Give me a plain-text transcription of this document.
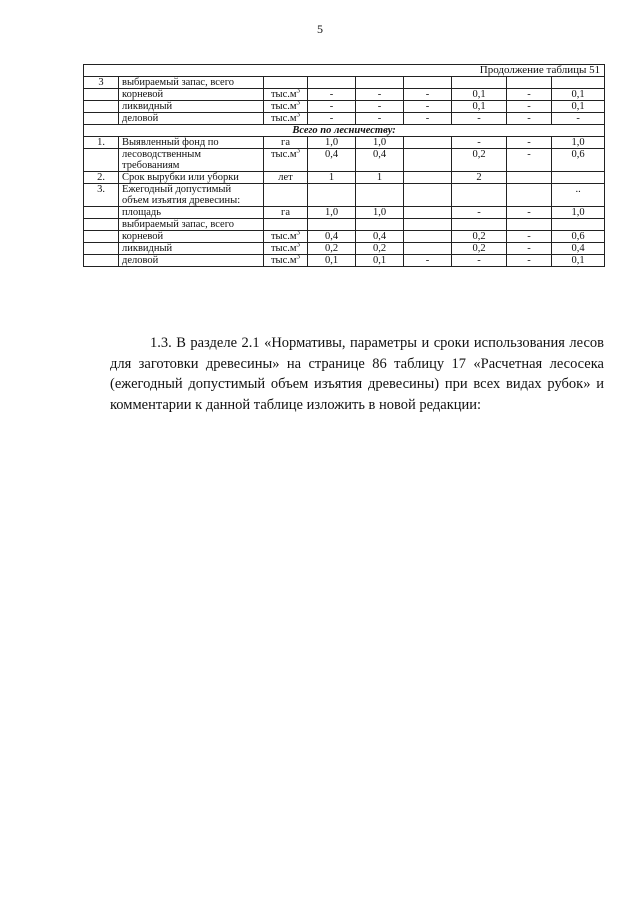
5
Продолжение таблицы 51								
3	выбираемый запас, всего							
	корневой	$тыс.м^3$	-	-	-	0,1	-	0,1
	ликвидный	$тыс.м^3$	-	-	-	0,1	-	0,1
	деловой	$тыс.м^3$	-	-	-	-	-	-
Всего по лесничеству:								
1.	Выявленный фонд по	га	1,0	1,0		-	-	1,0
	лесоводственным требованиям	$тыс.м^3$	0,4	0,4		0,2	-	0,6
2.	Срок вырубки или уборки	лет	1	1		2		
3.	Ежегодный допустимый объем изъятия древесины:							..
	площадь	га	1,0	1,0		-	-	1,0
	выбираемый запас, всего							
	корневой	$тыс.м^3$	0,4	0,4		0,2	-	0,6
	ликвидный	$тыс.м^3$	0,2	0,2		0,2	-	0,4
	деловой	$тыс.м^3$	0,1	0,1	-	-	-	0,1
1.3. В разделе 2.1 «Нормативы, параметры и сроки использования лесов для заготовки древесины» на странице 86 таблицу 17 «Расчетная лесосека (ежегодный допустимый объем изъятия древесины) при всех видах рубок» и комментарии к данной таблице изложить в новой редакции:
